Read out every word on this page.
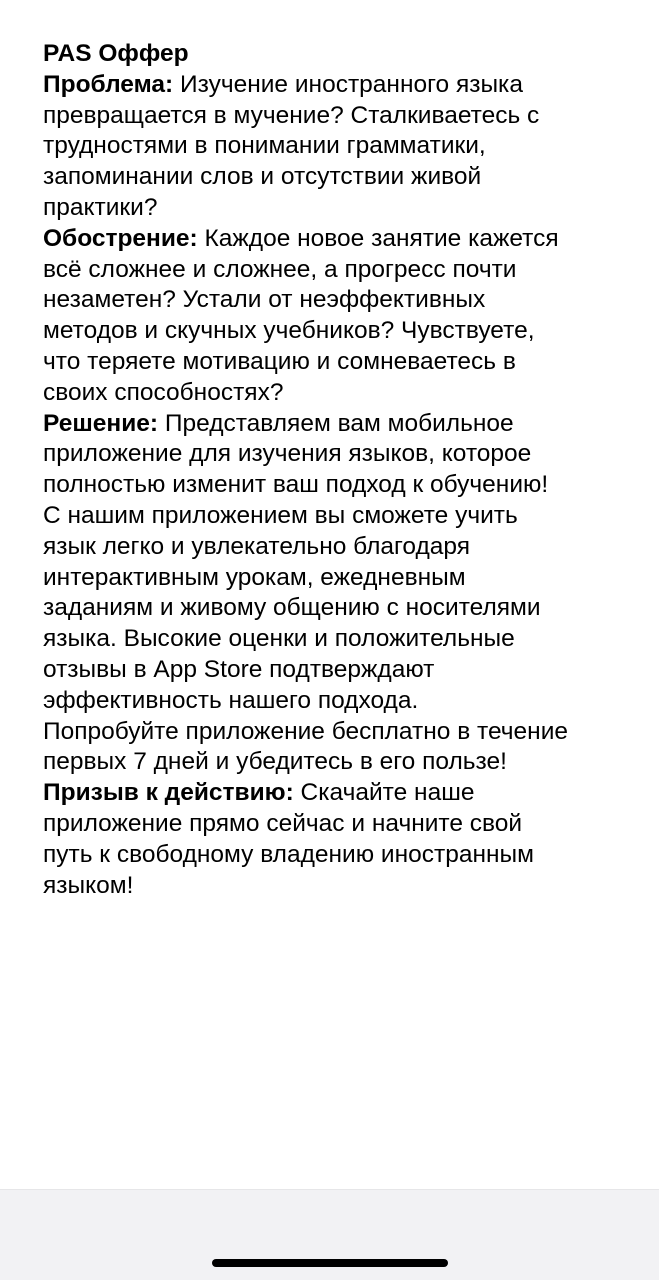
PAS Оффер
Проблема: Изучение иностранного языка
превращается в мучение? Сталкиваетесь с
трудностями в понимании грамматики,
запоминании слов и отсутствии живой
практики?
Обострение: Каждое новое занятие кажется
всё сложнее и сложнее, а прогресс почти
незаметен? Устали от неэффективных
методов и скучных учебников? Чувствуете,
что теряете мотивацию и сомневаетесь в
своих способностях?
Решение: Представляем вам мобильное
приложение для изучения языков, которое
полностью изменит ваш подход к обучению!
С нашим приложением вы сможете учить
язык легко и увлекательно благодаря
интерактивным урокам, ежедневным
заданиям и живому общению с носителями
языка. Высокие оценки и положительные
отзывы в App Store подтверждают
эффективность нашего подхода.
Попробуйте приложение бесплатно в течение
первых 7 дней и убедитесь в его пользе!
Призыв к действию: Скачайте наше
приложение прямо сейчас и начните свой
путь к свободному владению иностранным
языком!
